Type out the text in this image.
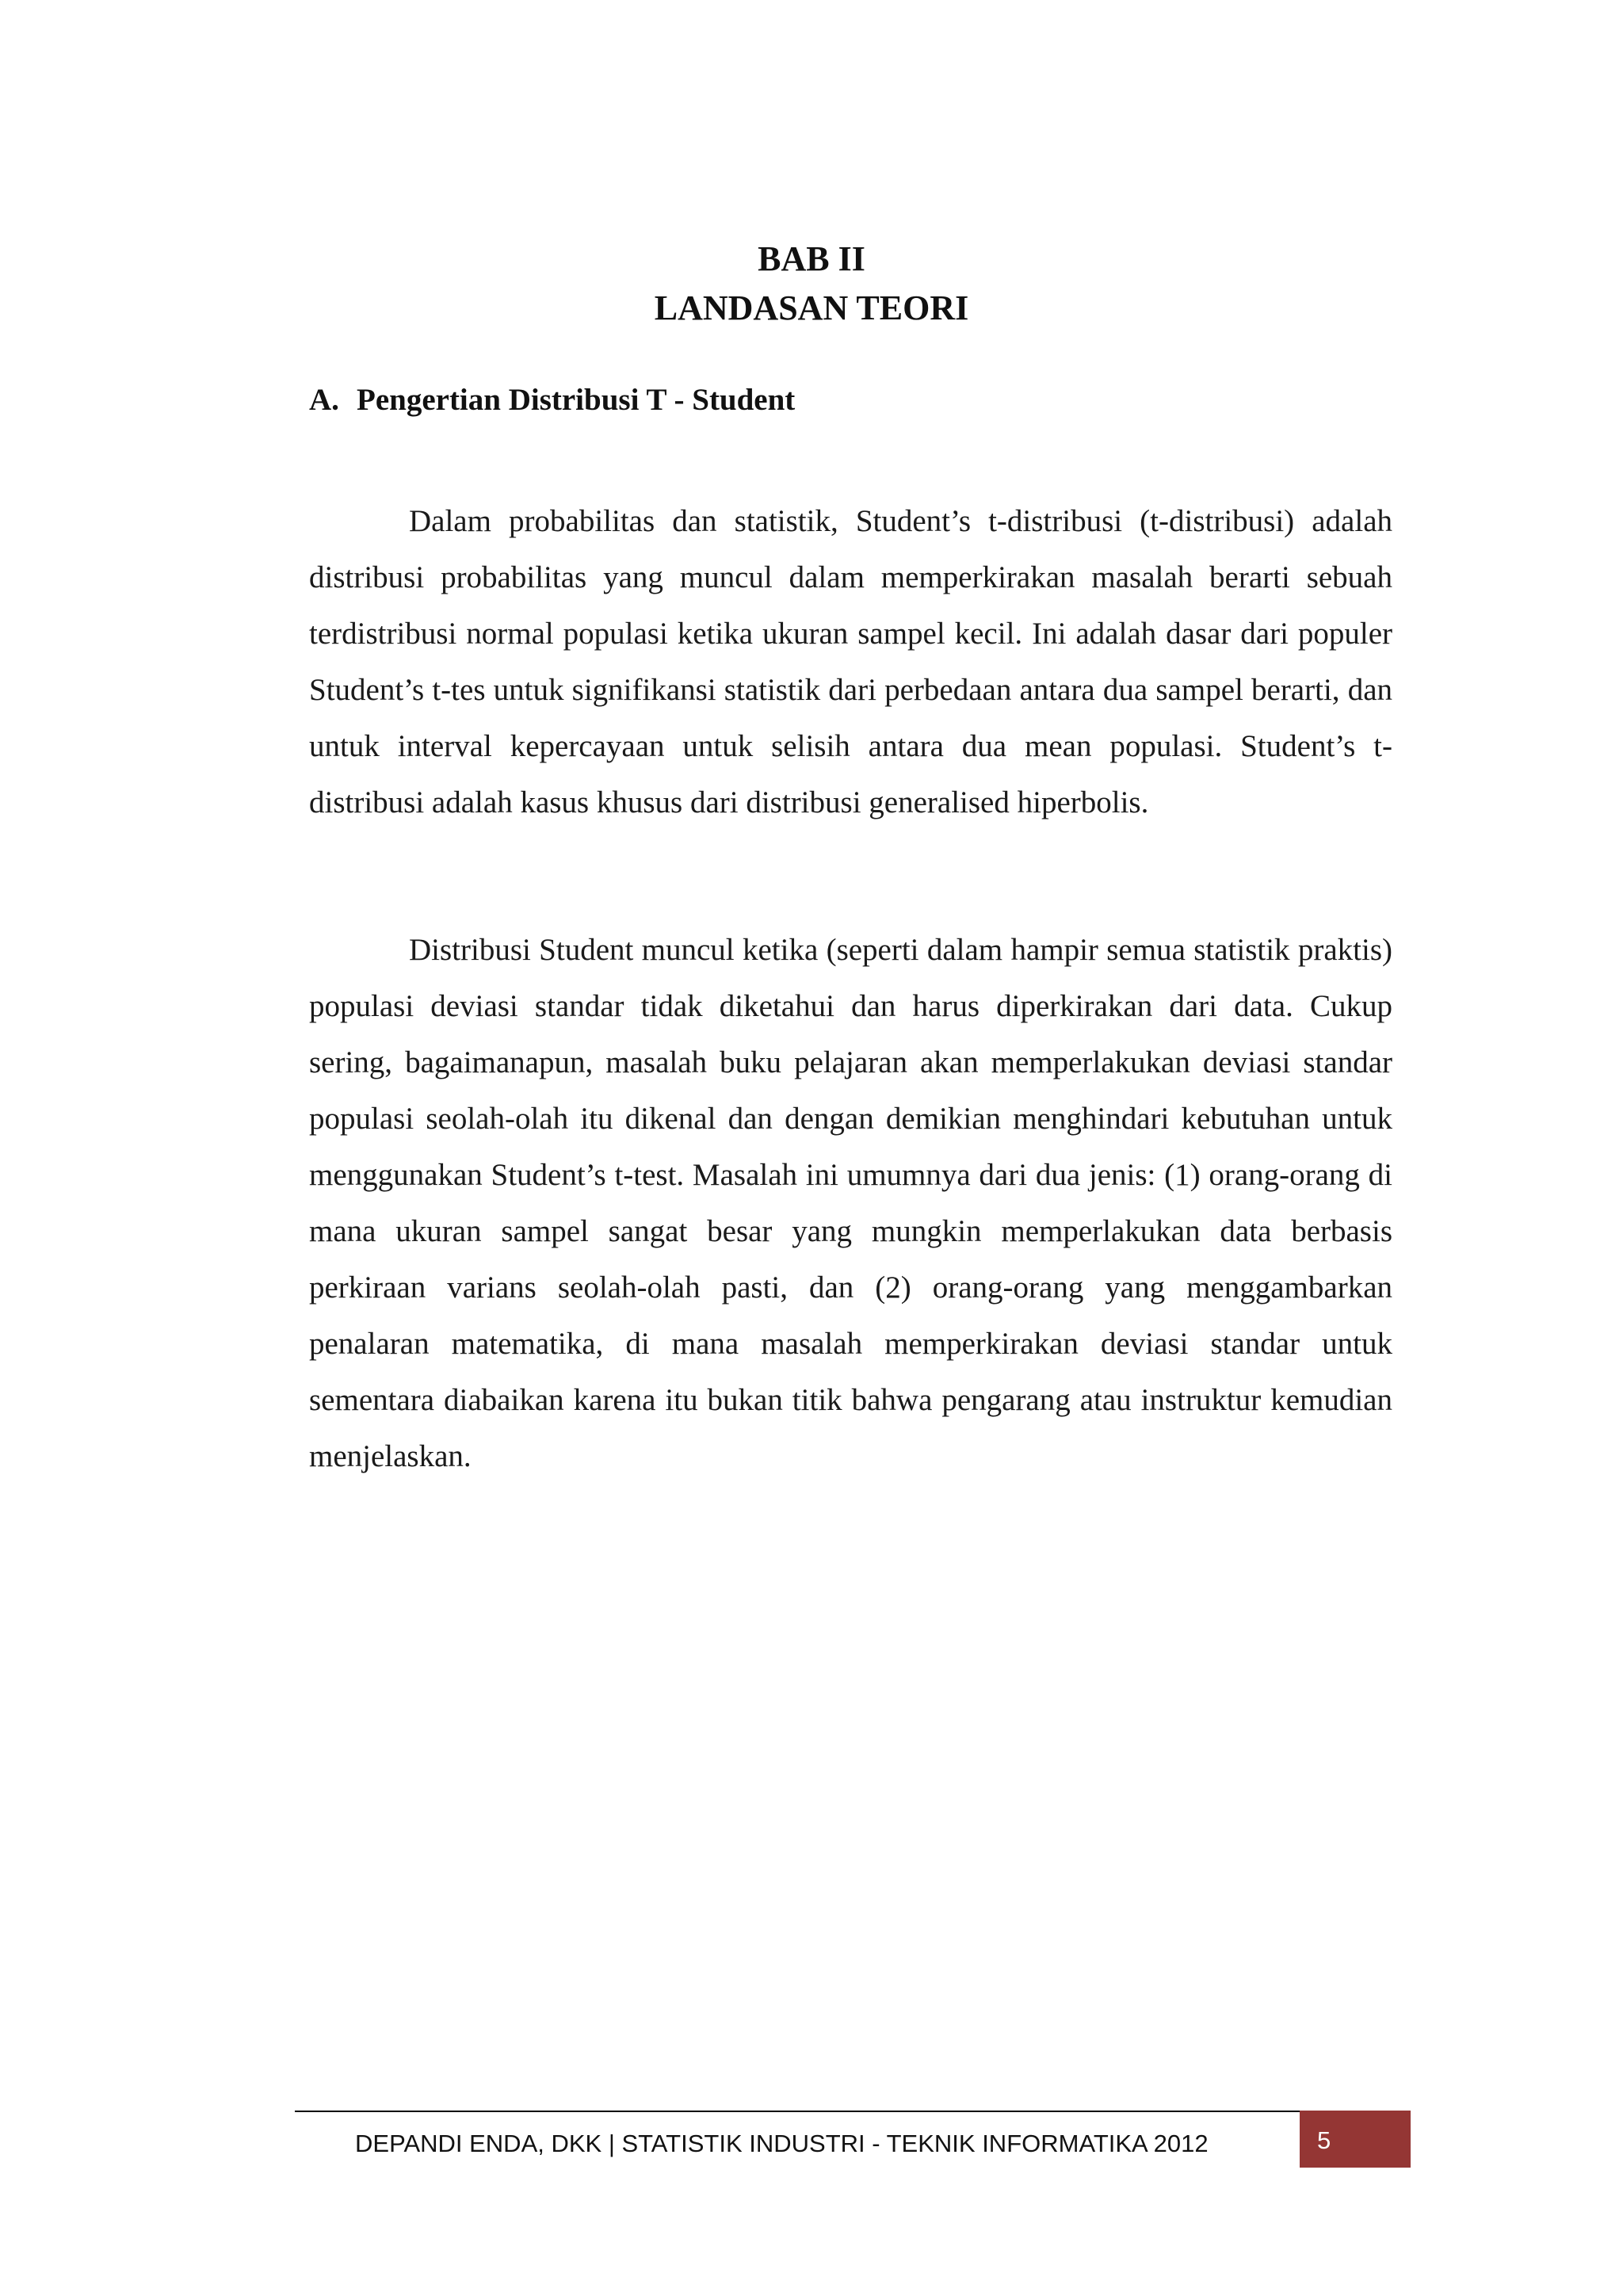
BAB II
LANDASAN TEORI
A. Pengertian Distribusi T - Student

Dalam probabilitas dan statistik, Student’s t-distribusi (t-distribusi) adalah distribusi probabilitas yang muncul dalam memperkirakan masalah berarti sebuah terdistribusi normal populasi ketika ukuran sampel kecil. Ini adalah dasar dari populer Student’s t-tes untuk signifikansi statistik dari perbedaan antara dua sampel berarti, dan untuk interval kepercayaan untuk selisih antara dua mean populasi. Student’s t-distribusi adalah kasus khusus dari distribusi generalised hiperbolis.

Distribusi Student muncul ketika (seperti dalam hampir semua statistik praktis) populasi deviasi standar tidak diketahui dan harus diperkirakan dari data. Cukup sering, bagaimanapun, masalah buku pelajaran akan memperlakukan deviasi standar populasi seolah-olah itu dikenal dan dengan demikian menghindari kebutuhan untuk menggunakan Student’s t-test. Masalah ini umumnya dari dua jenis: (1) orang-orang di mana ukuran sampel sangat besar yang mungkin memperlakukan data berbasis perkiraan varians seolah-olah pasti, dan (2) orang-orang yang menggambarkan penalaran matematika, di mana masalah memperkirakan deviasi standar untuk sementara diabaikan karena itu bukan titik bahwa pengarang atau instruktur kemudian menjelaskan.

DEPANDI ENDA, DKK | STATISTIK INDUSTRI - TEKNIK INFORMATIKA 2012	5
